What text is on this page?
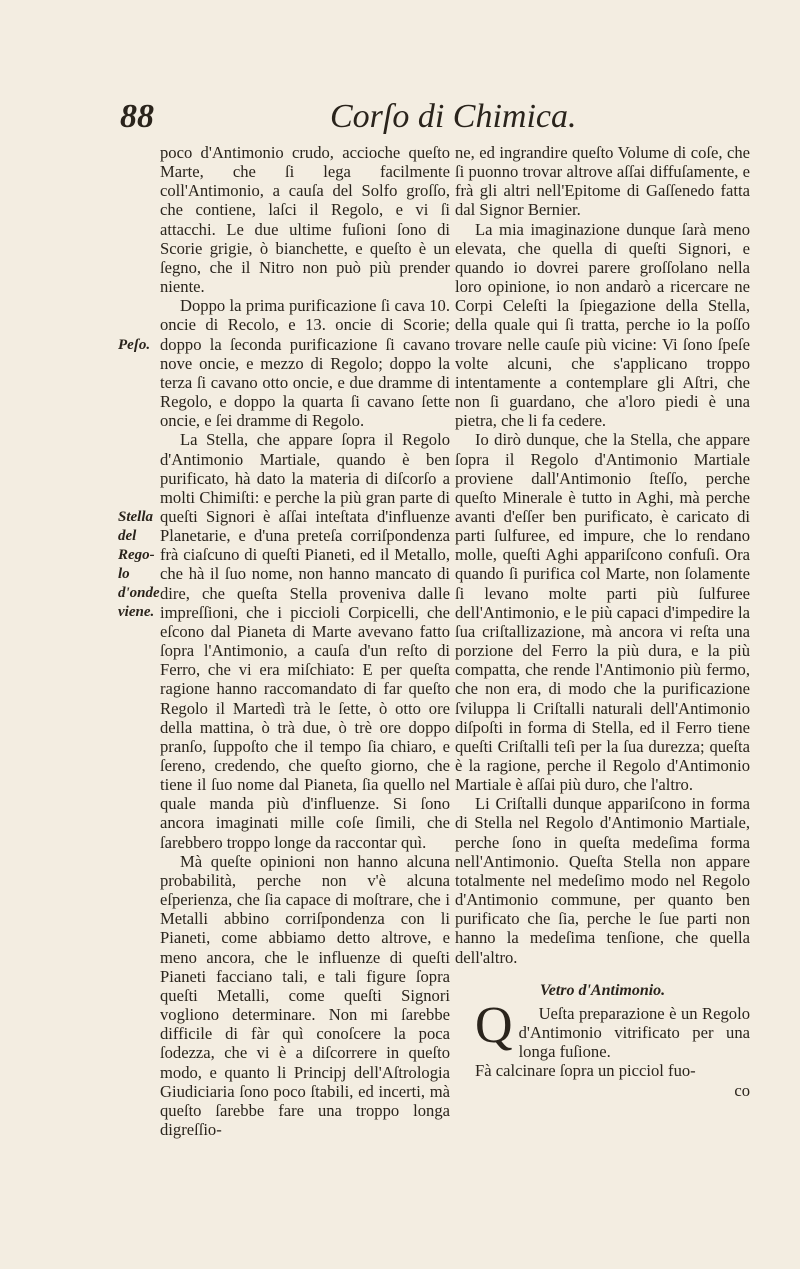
88	Corſo di Chimica.
Peſo.
Stella del Rego-lo d'onde viene.

poco d'Antimonio crudo, accioche queſto Marte, che ſi lega facilmente coll'Antimonio, a cauſa del Solfo groſſo, che contiene, laſci il Regolo, e vi ſi attacchi. Le due ultime fuſioni ſono di Scorie grigie, ò bianchette, e queſto è un ſegno, che il Nitro non può più prender niente.

Doppo la prima purificazione ſi cava 10. oncie di Recolo, e 13. oncie di Scorie; doppo la ſeconda purificazione ſi cavano nove oncie, e mezzo di Regolo; doppo la terza ſi cavano otto oncie, e due dramme di Regolo, e doppo la quarta ſi cavano ſette oncie, e ſei dramme di Regolo.

La Stella, che appare ſopra il Regolo d'Antimonio Martiale, quando è ben purificato, hà dato la materia di diſcorſo a molti Chimiſti: e perche la più gran parte di queſti Signori è aſſai inteſtata d'influenze Planetarie, e d'una preteſa corriſpondenza frà ciaſcuno di queſti Pianeti, ed il Metallo, che hà il ſuo nome, non hanno mancato di dire, che queſta Stella proveniva dalle impreſſioni, che i piccioli Corpicelli, che eſcono dal Pianeta di Marte avevano fatto ſopra l'Antimonio, a cauſa d'un reſto di Ferro, che vi era miſchiato: E per queſta ragione hanno raccomandato di far queſto Regolo il Martedì trà le ſette, ò otto ore della mattina, ò trà due, ò trè ore doppo pranſo, ſuppoſto che il tempo ſia chiaro, e ſereno, credendo, che queſto giorno, che tiene il ſuo nome dal Pianeta, ſia quello nel quale manda più d'influenze. Si ſono ancora imaginati mille coſe ſimili, che ſarebbero troppo longe da raccontar quì.

Mà queſte opinioni non hanno alcuna probabilità, perche non v'è alcuna eſperienza, che ſia capace di moſtrare, che i Metalli abbino corriſpondenza con li Pianeti, come abbiamo detto altrove, e meno ancora, che le influenze di queſti Pianeti facciano tali, e tali figure ſopra queſti Metalli, come queſti Signori vogliono determinare. Non mi ſarebbe difficile di fàr quì conoſcere la poca ſodezza, che vi è a diſcorrere in queſto modo, e quanto li Principj dell'Aſtrologia Giudiciaria ſono poco ſtabili, ed incerti, mà queſto ſarebbe fare una troppo longa digreſſio-

ne, ed ingrandire queſto Volume di coſe, che ſi puonno trovar altrove aſſai diffuſamente, e frà gli altri nell'Epitome di Gaſſenedo fatta dal Signor Bernier.

La mia imaginazione dunque ſarà meno elevata, che quella di queſti Signori, e quando io dovrei parere groſſolano nella loro opinione, io non andarò a ricercare ne Corpi Celeſti la ſpiegazione della Stella, della quale qui ſi tratta, perche io la poſſo trovare nelle cauſe più vicine: Vi ſono ſpeſe volte alcuni, che s'applicano troppo intentamente a contemplare gli Aſtri, che non ſi guardano, che a'loro piedi è una pietra, che li fa cedere.

Io dirò dunque, che la Stella, che appare ſopra il Regolo d'Antimonio Martiale proviene dall'Antimonio ſteſſo, perche queſto Minerale è tutto in Aghi, mà perche avanti d'eſſer ben purificato, è caricato di parti ſulfuree, ed impure, che lo rendano molle, queſti Aghi appariſcono confuſi. Ora quando ſi purifica col Marte, non ſolamente ſi levano molte parti più ſulfuree dell'Antimonio, e le più capaci d'impedire la ſua criſtallizazione, mà ancora vi reſta una porzione del Ferro la più dura, e la più compatta, che rende l'Antimonio più fermo, che non era, di modo che la purificazione ſviluppa li Criſtalli naturali dell'Antimonio diſpoſti in forma di Stella, ed il Ferro tiene queſti Criſtalli teſi per la ſua durezza; queſta è la ragione, perche il Regolo d'Antimonio Martiale è aſſai più duro, che l'altro.

Li Criſtalli dunque appariſcono in forma di Stella nel Regolo d'Antimonio Martiale, perche ſono in queſta medeſima forma nell'Antimonio. Queſta Stella non appare totalmente nel medeſimo modo nel Regolo d'Antimonio commune, per quanto ben purificato che ſia, perche le ſue parti non hanno la medeſima tenſione, che quella dell'altro.

Vetro d'Antimonio.

Q Ueſta preparazione è un Regolo d'Antimonio vitrificato per una longa fuſione.

Fà calcinare ſopra un picciol fuo-

co
